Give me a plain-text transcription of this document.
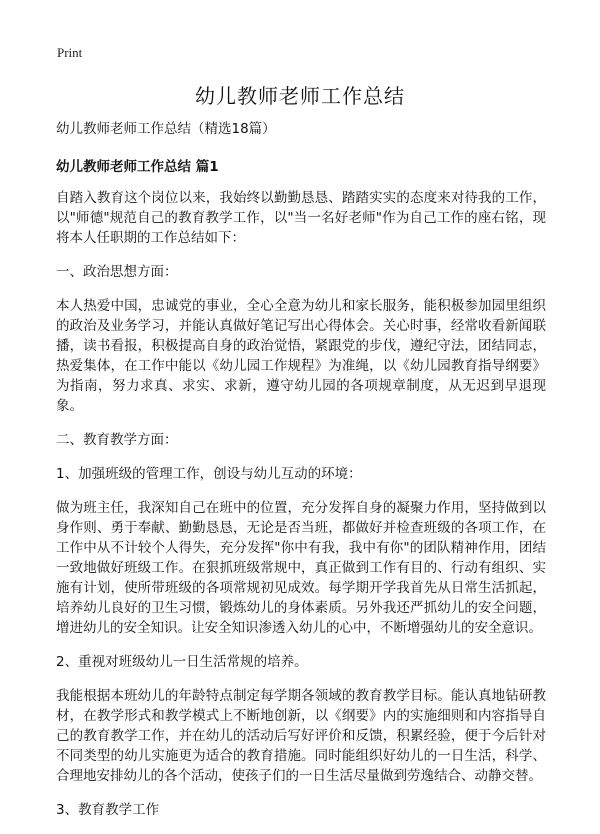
Print
幼儿教师老师工作总结

幼儿教师老师工作总结（精选18篇）

幼儿教师老师工作总结 篇1

自踏入教育这个岗位以来，我始终以勤勤恳恳、踏踏实实的态度来对待我的工作，以"师德"规范自己的教育教学工作，以"当一名好老师"作为自己工作的座右铭，现将本人任职期的工作总结如下：

一、政治思想方面：

本人热爱中国，忠诚党的事业，全心全意为幼儿和家长服务，能积极参加园里组织的政治及业务学习，并能认真做好笔记写出心得体会。关心时事，经常收看新闻联播，读书看报，积极提高自身的政治觉悟，紧跟党的步伐，遵纪守法，团结同志，热爱集体，在工作中能以《幼儿园工作规程》为准绳，以《幼儿园教育指导纲要》为指南，努力求真、求实、求新，遵守幼儿园的各项规章制度，从无迟到早退现象。

二、教育教学方面：

1、加强班级的管理工作，创设与幼儿互动的环境：

做为班主任，我深知自己在班中的位置，充分发挥自身的凝聚力作用，坚持做到以身作则、勇于奉献、勤勤恳恳，无论是否当班，都做好并检查班级的各项工作，在工作中从不计较个人得失，充分发挥"你中有我，我中有你"的团队精神作用，团结一致地做好班级工作。在狠抓班级常规中，真正做到工作有目的、行动有组织、实施有计划，使所带班级的各项常规初见成效。每学期开学我首先从日常生活抓起，培养幼儿良好的卫生习惯，锻炼幼儿的身体素质。另外我还严抓幼儿的安全问题，增进幼儿的安全知识。让安全知识渗透入幼儿的心中，不断增强幼儿的安全意识。

2、重视对班级幼儿一日生活常规的培养。

我能根据本班幼儿的年龄特点制定每学期各领域的教育教学目标。能认真地钻研教材，在教学形式和教学模式上不断地创新，以《纲要》内的实施细则和内容指导自己的教育教学工作，并在幼儿的活动后写好评价和反馈，积累经验，便于今后针对不同类型的幼儿实施更为适合的教育措施。同时能组织好幼儿的一日生活，科学、合理地安排幼儿的各个活动，使孩子们的一日生活尽量做到劳逸结合、动静交替。

3、教育教学工作
